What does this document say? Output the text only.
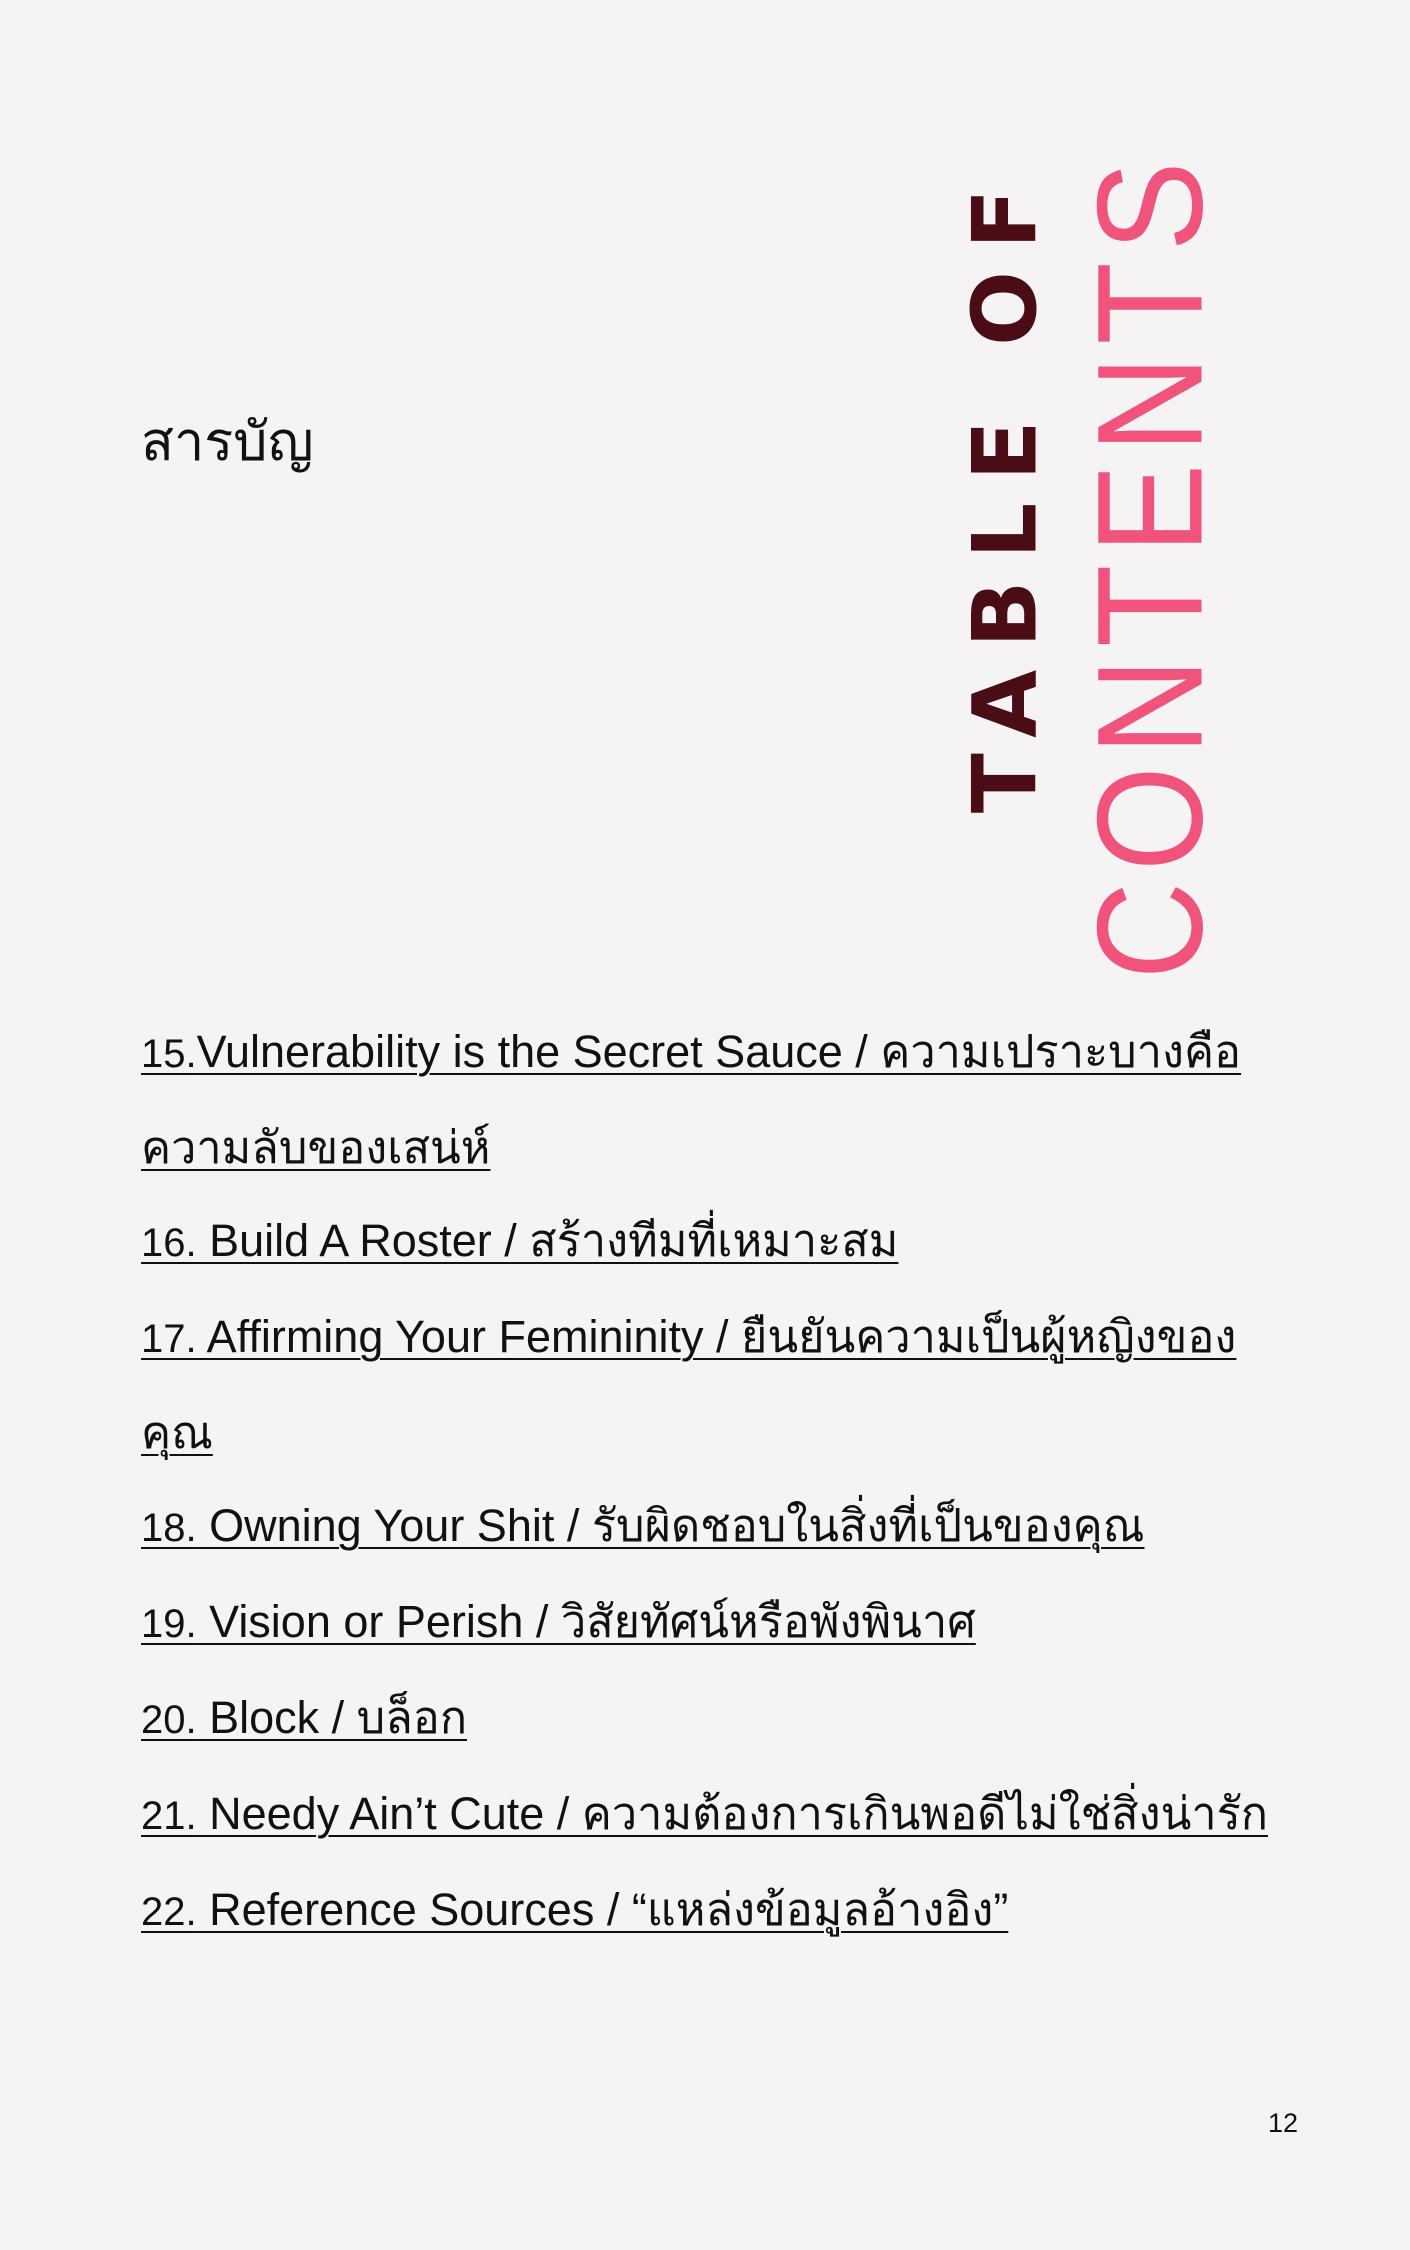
สารบัญ	TABLE OF CONTENTS
15.Vulnerability is the Secret Sauce / ความเปราะบางคือความลับของเสน่ห์
16. Build A Roster / สร้างทีมที่เหมาะสม
17. Affirming Your Femininity / ยืนยันความเป็นผู้หญิงของคุณ
18. Owning Your Shit / รับผิดชอบในสิ่งที่เป็นของคุณ
19. Vision or Perish / วิสัยทัศน์หรือพังพินาศ
20. Block / บล็อก
21. Needy Ain’t Cute / ความต้องการเกินพอดีไม่ใช่สิ่งน่ารัก
22. Reference Sources / “แหล่งข้อมูลอ้างอิง”
12
